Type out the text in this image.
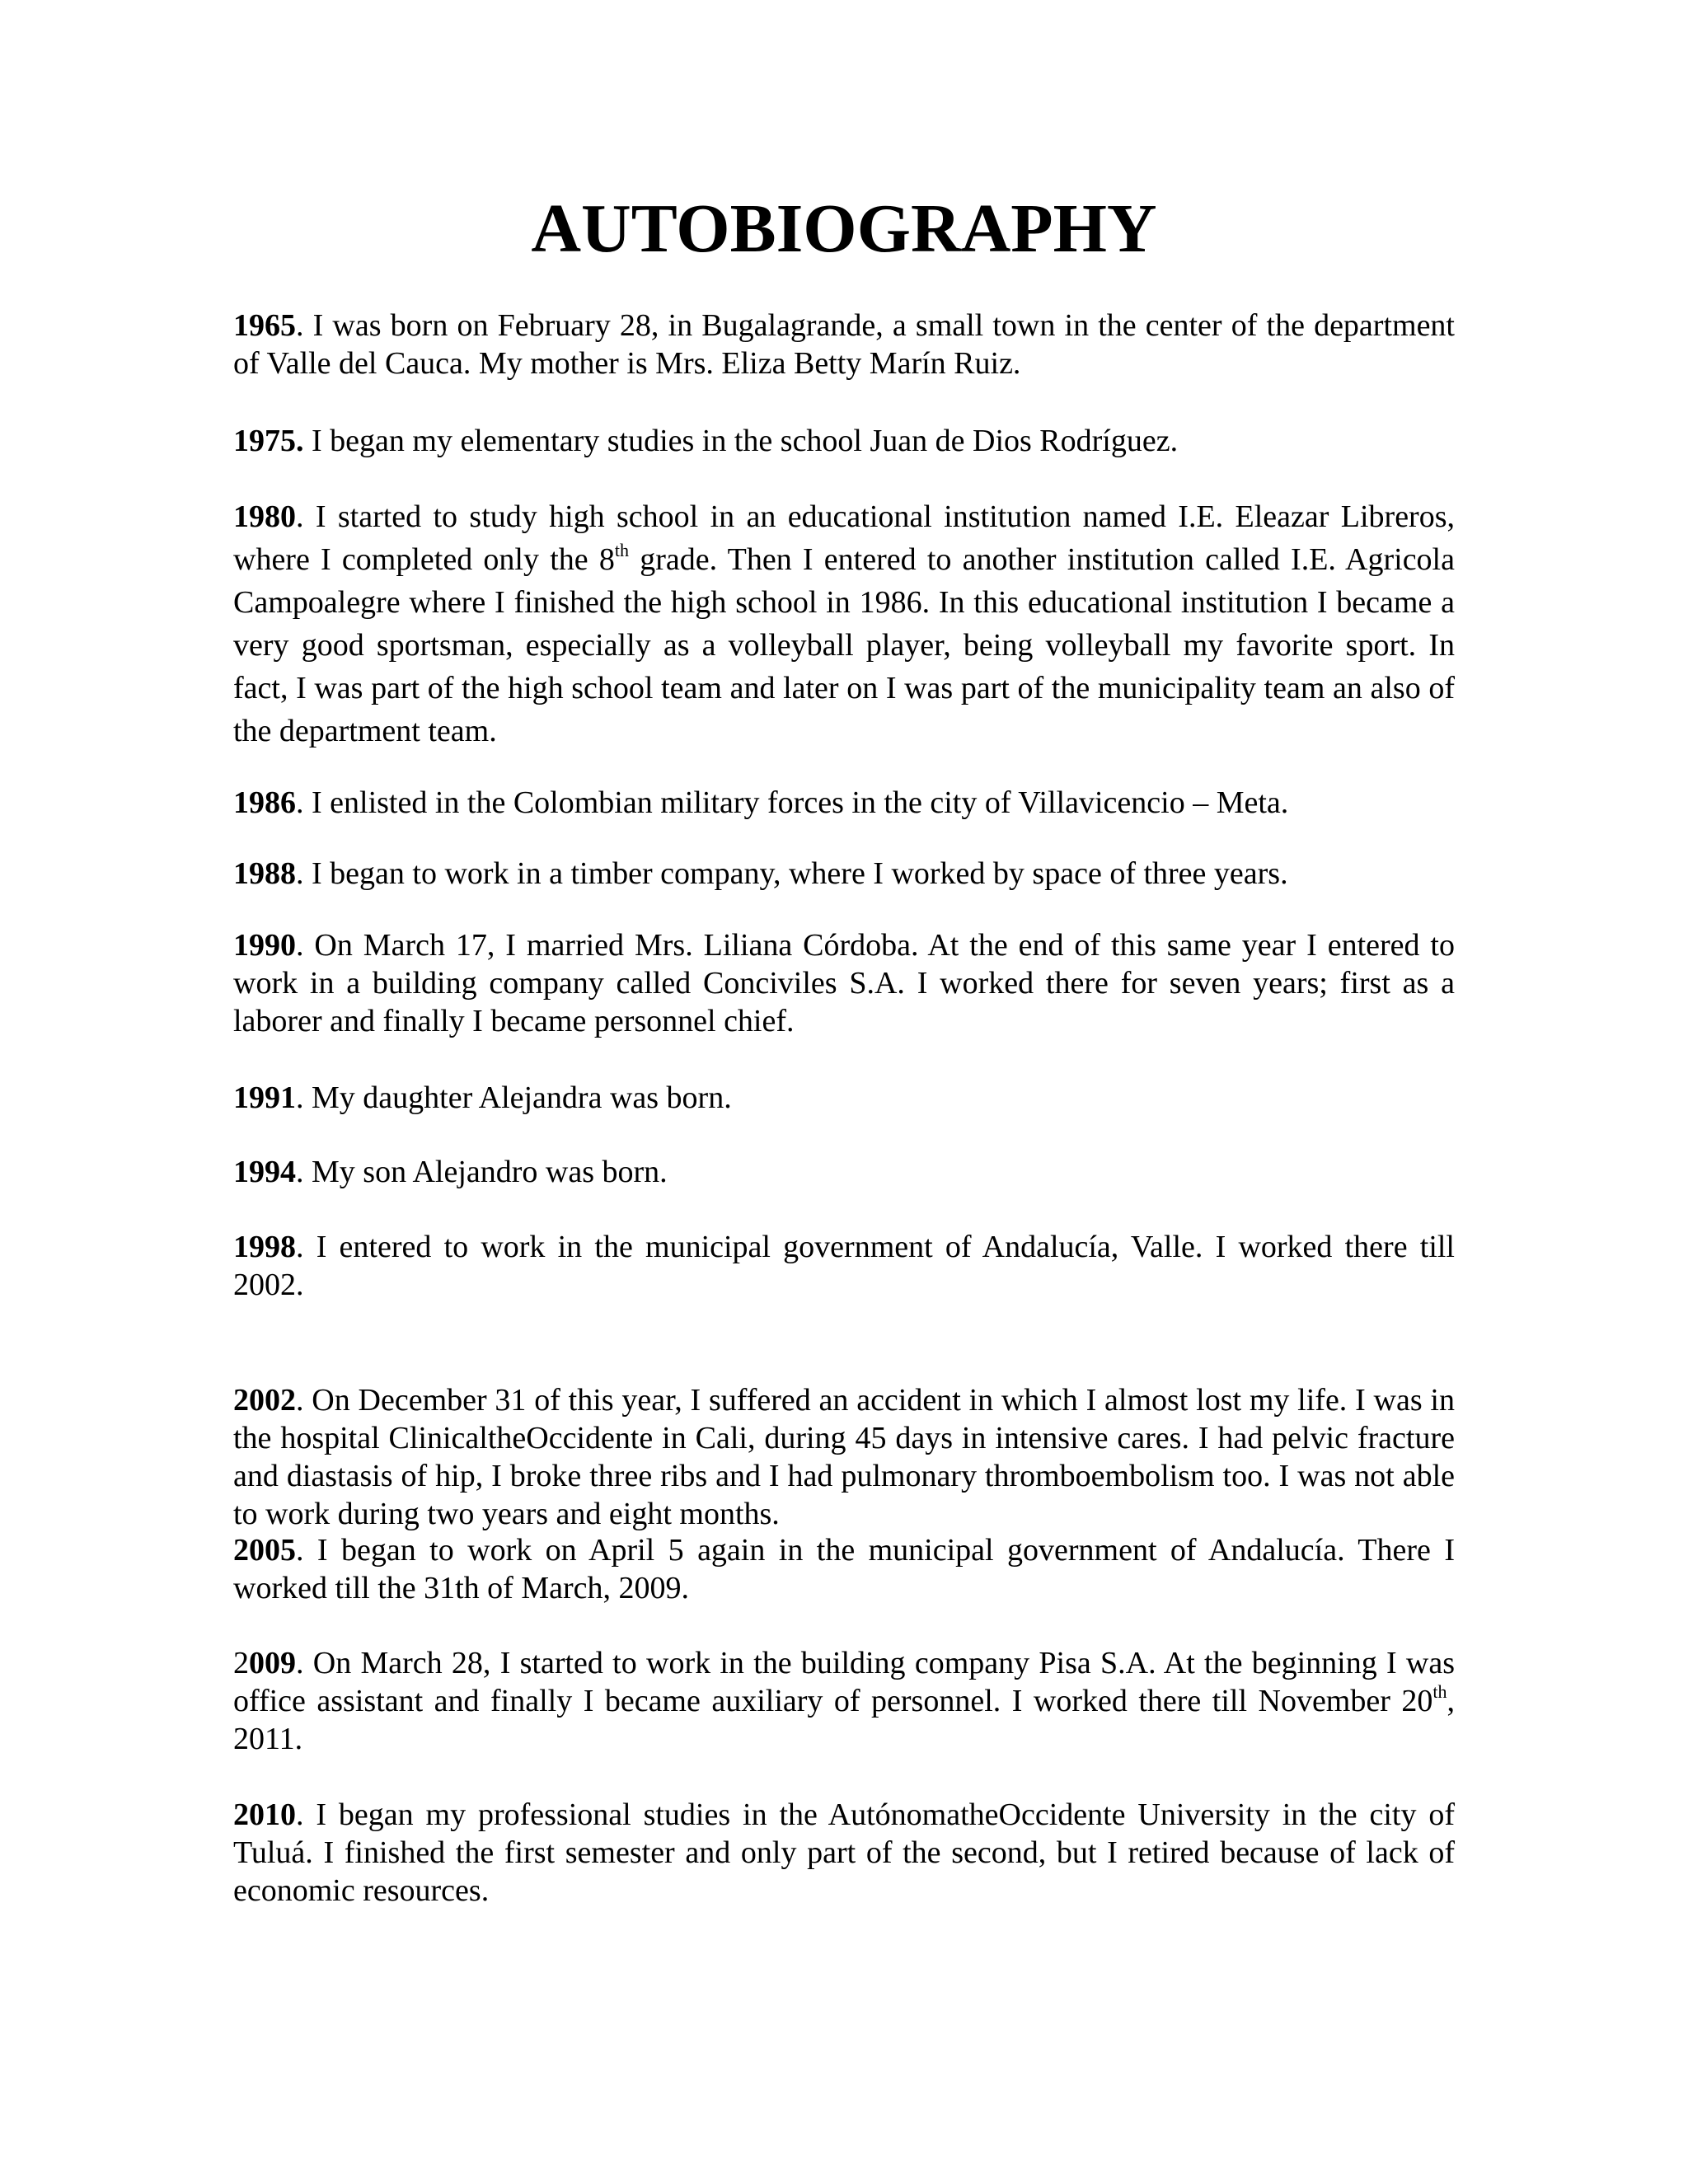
AUTOBIOGRAPHY

1965. I was born on February 28, in Bugalagrande, a small town in the center of the department of Valle del Cauca. My mother is Mrs. Eliza Betty Marín Ruiz.

1975. I began my elementary studies in the school Juan de Dios Rodríguez.

1980. I started to study high school in an educational institution named I.E. Eleazar Libreros, where I completed only the 8th grade. Then I entered to another institution called I.E. Agricola Campoalegre where I finished the high school in 1986. In this educational institution I became a very good sportsman, especially as a volleyball player, being volleyball my favorite sport. In fact, I was part of the high school team and later on I was part of the municipality team an also of the department team.

1986. I enlisted in the Colombian military forces in the city of Villavicencio – Meta.

1988. I began to work in a timber company, where I worked by space of three years.

1990. On March 17, I married Mrs. Liliana Córdoba. At the end of this same year I entered to work in a building company called Conciviles S.A. I worked there for seven years; first as a laborer and finally I became personnel chief.

1991. My daughter Alejandra was born.

1994. My son Alejandro was born.

1998. I entered to work in the municipal government of Andalucía, Valle. I worked there till 2002.

2002. On December 31 of this year, I suffered an accident in which I almost lost my life. I was in the hospital ClinicaltheOccidente in Cali, during 45 days in intensive cares. I had pelvic fracture and diastasis of hip, I broke three ribs and I had pulmonary thromboembolism too. I was not able to work during two years and eight months.

2005. I began to work on April 5 again in the municipal government of Andalucía. There I worked till the 31th of March, 2009.

2009. On March 28, I started to work in the building company Pisa S.A. At the beginning I was office assistant and finally I became auxiliary of personnel. I worked there till November 20th, 2011.

2010. I began my professional studies in the AutónomatheOccidente University in the city of Tuluá. I finished the first semester and only part of the second, but I retired because of lack of economic resources.
